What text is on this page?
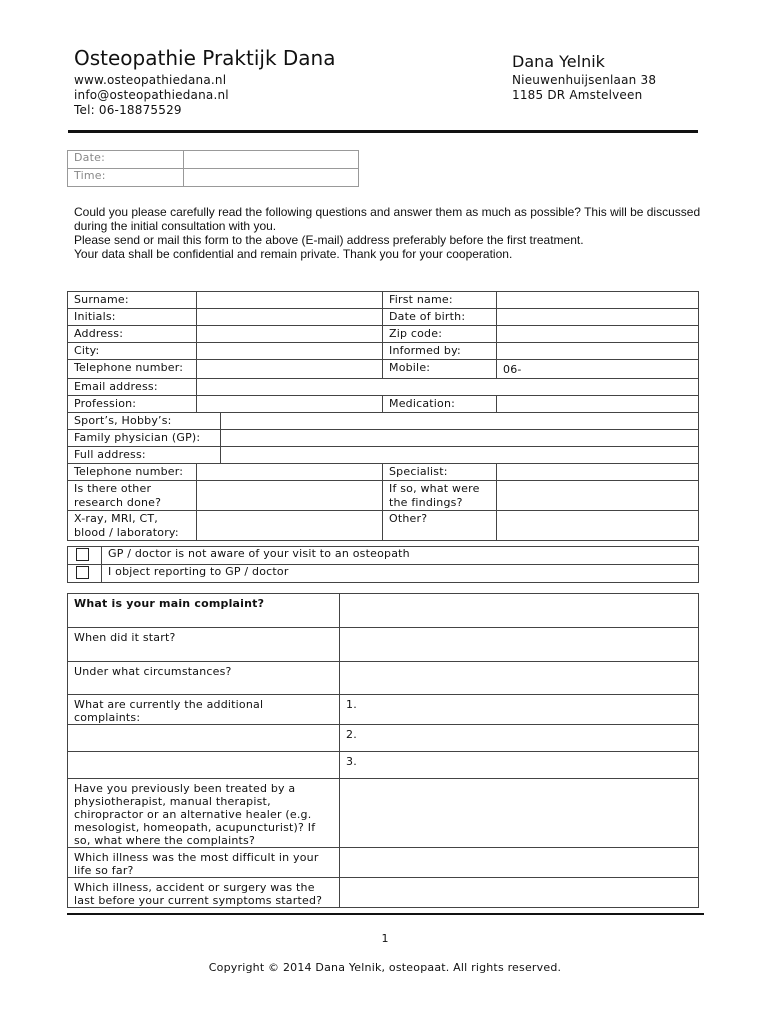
Osteopathie Praktijk Dana
www.osteopathiedana.nl
info@osteopathiedana.nl
Tel: 06-18875529
Dana Yelnik
Nieuwenhuijsenlaan 38
1185 DR Amstelveen
Date:	
Time:	
Could you please carefully read the following questions and answer them as much as possible? This will be discussed during the initial consultation with you.
Please send or mail this form to the above (E-mail) address preferably before the first treatment.
Your data shall be confidential and remain private. Thank you for your cooperation.
Surname:			First name:	
Initials:			Date of birth:	
Address:			Zip code:	
City:			Informed by:	
Telephone number:			Mobile:	06-
Email address:				
Profession:			Medication:	
Sport’s, Hobby’s:				
Family physician (GP):				
Full address:				
Telephone number:			Specialist:	
Is there other research done?			If so, what were the findings?	
X-ray, MRI, CT, blood / laboratory:			Other?	
	GP / doctor is not aware of your visit to an osteopath
	I object reporting to GP / doctor
What is your main complaint?	
When did it start?	
Under what circumstances?	
What are currently the additional complaints:	1.
	2.
	3.
Have you previously been treated by a physiotherapist, manual therapist, chiropractor or an alternative healer (e.g. mesologist, homeopath, acupuncturist)? If so, what where the complaints?	
Which illness was the most difficult in your life so far?	
Which illness, accident or surgery was the last before your current symptoms started?	
1
Copyright © 2014 Dana Yelnik, osteopaat. All rights reserved.
